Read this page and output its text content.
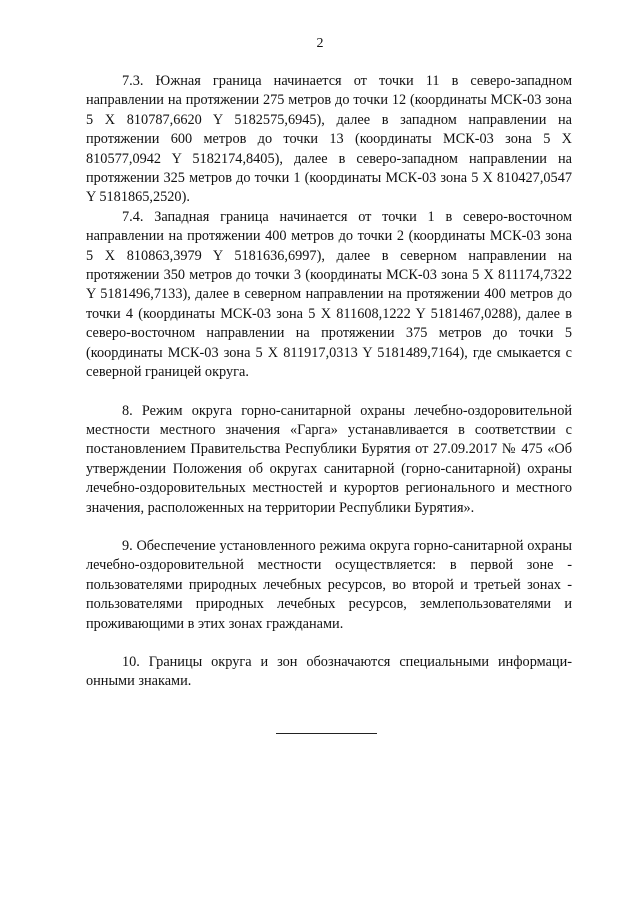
2

7.3. Южная граница начинается от точки 11 в северо-западном направлении на протяжении 275 метров до точки 12 (координаты МСК-03 зона 5 X 810787,6620 Y 5182575,6945), далее в западном направлении на протяжении 600 метров до точки 13 (координаты МСК-03 зона 5 X 810577,0942 Y 5182174,8405), далее в северо-западном направлении на протяжении 325 метров до точки 1 (координаты МСК-03 зона 5 X 810427,0547 Y 5181865,2520).

7.4. Западная граница начинается от точки 1 в северо-восточном направлении на протяжении 400 метров до точки 2 (координаты МСК-03 зона 5 X 810863,3979 Y 5181636,6997), далее в северном направлении на протяжении 350 метров до точки 3 (координаты МСК-03 зона 5 X 811174,7322 Y 5181496,7133), далее в северном направлении на протяжении 400 метров до точки 4 (координаты МСК-03 зона 5 X 811608,1222 Y 5181467,0288), далее в северо-восточном направлении на протяжении 375 метров до точки 5 (координаты МСК-03 зона 5 X 811917,0313 Y 5181489,7164), где смыкается с северной границей округа.

8. Режим округа горно-санитарной охраны лечебно-оздоровительной местности местного значения «Гарга» устанавливается в соответствии с постановлением Правительства Республики Бурятия от 27.09.2017 № 475 «Об утверждении Положения об округах санитарной (горно-санитарной) охраны лечебно-оздоровительных местностей и курортов регионального и местного значения, расположенных на территории Республики Бурятия».

9. Обеспечение установленного режима округа горно-санитарной охраны лечебно-оздоровительной местности осуществляется: в первой зоне - пользователями природных лечебных ресурсов, во второй и третьей зонах - пользователями природных лечебных ресурсов, землепользователями и проживающими в этих зонах гражданами.

10. Границы округа и зон обозначаются специальными информационными знаками.
